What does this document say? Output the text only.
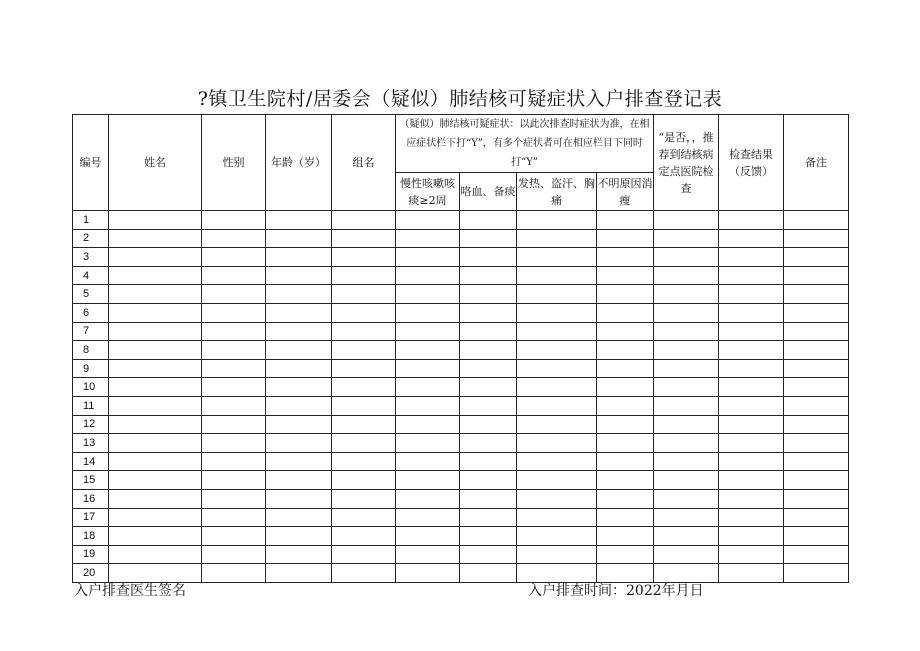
?镇卫生院村/居委会（疑似）肺结核可疑症状入户排查登记表
编号	姓名	性别	年龄（岁）	组名	（疑似）肺结核可疑症状：以此次排查时症状为准，在相应症状栏下打“Y”，有多个症状者可在相应栏目下同时打“Y”				“是否，，推荐到结核病定点医院检查	检查结果（反馈）	备注
					慢性咳嗽咳痰≥2周	咯血、备痰	发热、盗汗、胸痛	不明原因消瘦			
1											
2											
3											
4											
5											
6											
7											
8											
9											
10											
11											
12											
13											
14											
15											
16											
17											
18											
19											
20											
入户排查医生签名	入户排查时间：2022年月日
